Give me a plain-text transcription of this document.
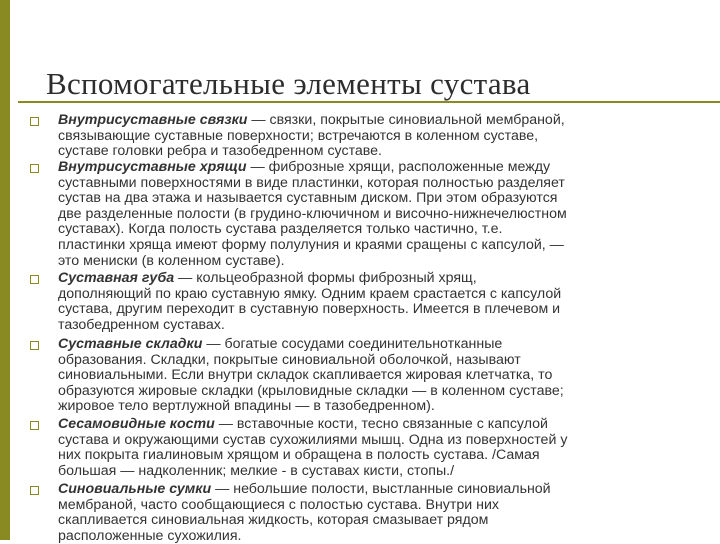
Вспомогательные элементы сустава
Внутрисуставные связки — связки, покрытые синовиальной мембраной,
связывающие суставные поверхности; встречаются в коленном суставе,
суставе головки ребра и тазобедренном суставе.
Внутрисуставные хрящи — фиброзные хрящи, расположенные между
суставными поверхностями в виде пластинки, которая полностью разделяет
сустав на два этажа и называется суставным диском. При этом образуются
две разделенные полости (в грудино-ключичном и височно-нижнечелюстном
суставах). Когда полость сустава разделяется только частично, т.е.
пластинки хряща имеют форму полулуния и краями сращены с капсулой, —
это мениски (в коленном суставе).
Суставная губа — кольцеобразной формы фиброзный хрящ,
дополняющий по краю суставную ямку. Одним краем срастается с капсулой
сустава, другим переходит в суставную поверхность. Имеется в плечевом и
тазобедренном суставах.
Суставные складки — богатые сосудами соединительнотканные
образования. Складки, покрытые синовиальной оболочкой, называют
синовиальными. Если внутри складок скапливается жировая клетчатка, то
образуются жировые складки (крыловидные складки — в коленном суставе;
жировое тело вертлужной впадины — в тазобедренном).
Сесамовидные кости — вставочные кости, тесно связанные с капсулой
сустава и окружающими сустав сухожилиями мышц. Одна из поверхностей у
них покрыта гиалиновым хрящом и обращена в полость сустава. /Самая
большая — надколенник; мелкие - в суставах кисти, стопы./
Синовиальные сумки — небольшие полости, выстланные синовиальной
мембраной, часто сообщающиеся с полостью сустава. Внутри них
скапливается синовиальная жидкость, которая смазывает рядом
расположенные сухожилия.
